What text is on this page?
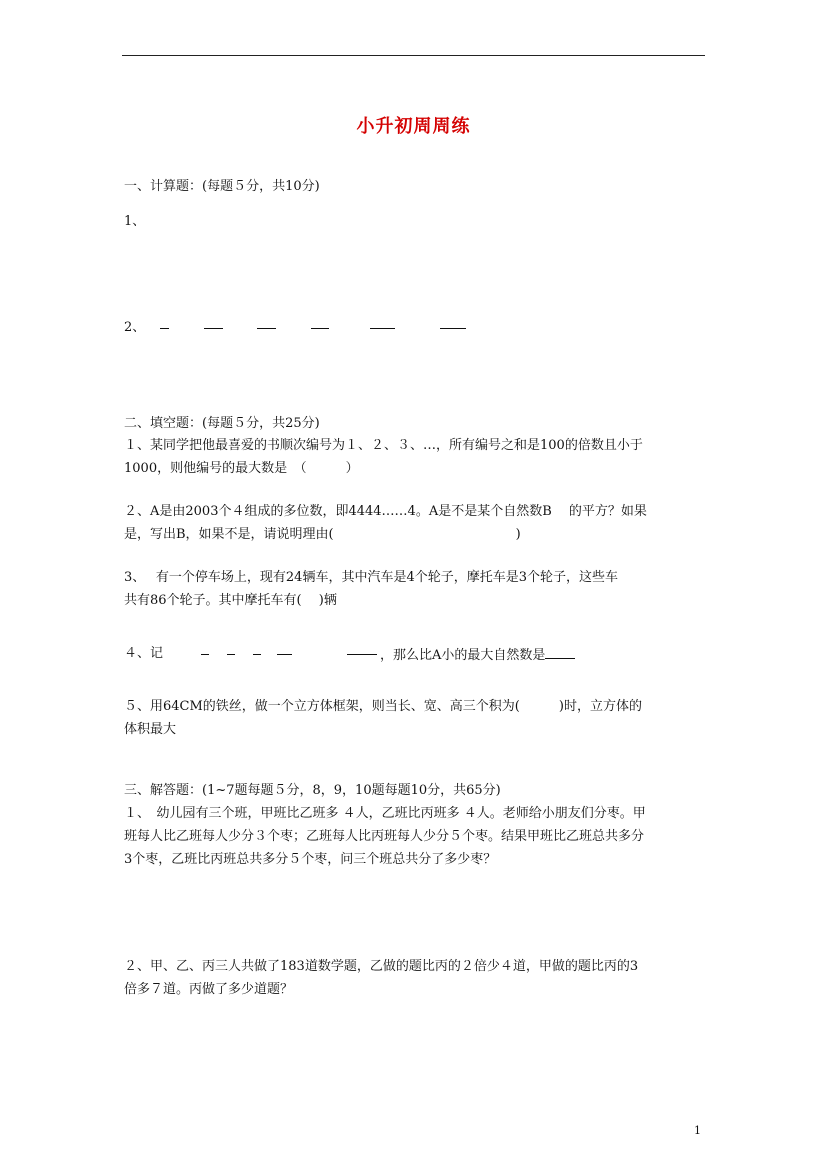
小升初周周练
一、计算题：(每题５分，共10分)
1、
2、
二、填空题：(每题５分，共25分)
１、某同学把他最喜爱的书顺次编号为１、２、３、…，所有编号之和是100的倍数且小于
1000，则他编号的最大数是　（　　　）
２、A是由2003个４组成的多位数，即4444……4。A是不是某个自然数B　 的平方？如果
是，写出B，如果不是，请说明理由(　　　　　　　　　　　　　　)
3、　 有一个停车场上，现有24辆车，其中汽车是4个轮子，摩托车是3个轮子，这些车
共有86个轮子。其中摩托车有(　 )辆
４、记	，那么比A小的最大自然数是
５、用64CM的铁丝，做一个立方体框架，则当长、宽、高三个积为(　　　)时，立方体的
体积最大
三、解答题：(1~7题每题５分，8，9，10题每题10分，共65分)
１、　幼儿园有三个班，甲班比乙班多 ４人，乙班比丙班多 ４人。老师给小朋友们分枣。甲
班每人比乙班每人少分３个枣；乙班每人比丙班每人少分５个枣。结果甲班比乙班总共多分
3个枣，乙班比丙班总共多分５个枣，问三个班总共分了多少枣？
２、甲、乙、丙三人共做了183道数学题，乙做的题比丙的２倍少４道，甲做的题比丙的3
倍多７道。丙做了多少道题？
1
